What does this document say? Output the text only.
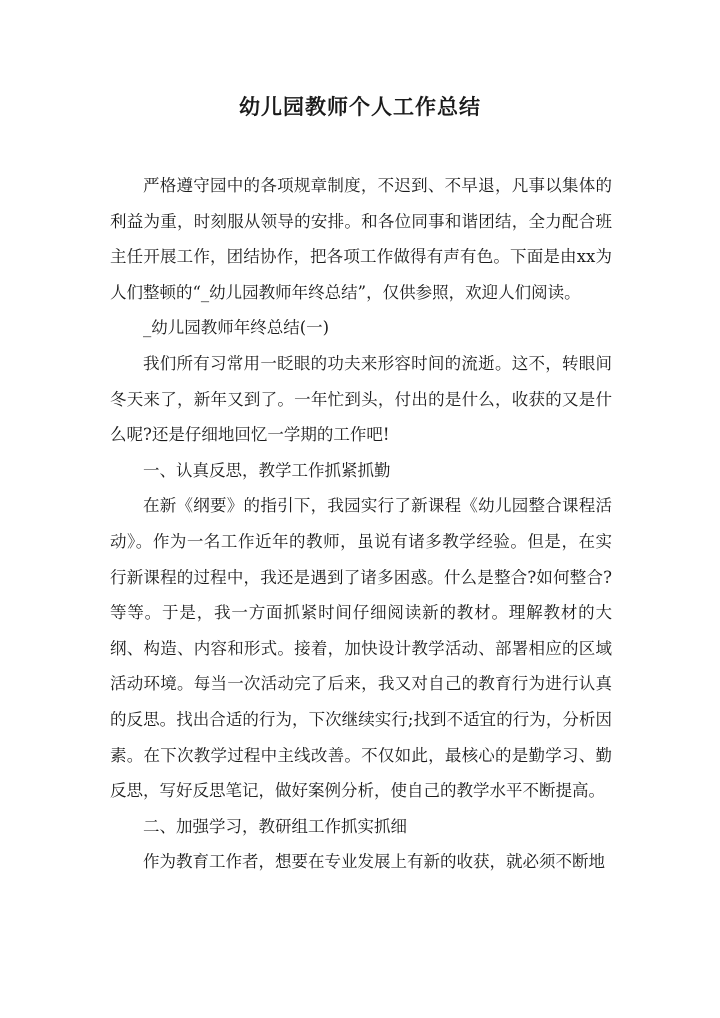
幼儿园教师个人工作总结

严格遵守园中的各项规章制度，不迟到、不早退，凡事以集体的利益为重，时刻服从领导的安排。和各位同事和谐团结，全力配合班主任开展工作，团结协作，把各项工作做得有声有色。下面是由xx为人们整顿的“_幼儿园教师年终总结”，仅供参照，欢迎人们阅读。

_幼儿园教师年终总结(一)

我们所有习常用一眨眼的功夫来形容时间的流逝。这不，转眼间冬天来了，新年又到了。一年忙到头，付出的是什么，收获的又是什么呢?还是仔细地回忆一学期的工作吧!

一、认真反思，教学工作抓紧抓勤

在新《纲要》的指引下，我园实行了新课程《幼儿园整合课程活动》。作为一名工作近年的教师，虽说有诸多教学经验。但是，在实行新课程的过程中，我还是遇到了诸多困惑。什么是整合?如何整合?等等。于是，我一方面抓紧时间仔细阅读新的教材。理解教材的大纲、构造、内容和形式。接着，加快设计教学活动、部署相应的区域活动环境。每当一次活动完了后来，我又对自己的教育行为进行认真的反思。找出合适的行为，下次继续实行;找到不适宜的行为，分析因素。在下次教学过程中主线改善。不仅如此，最核心的是勤学习、勤反思，写好反思笔记，做好案例分析，使自己的教学水平不断提高。

二、加强学习，教研组工作抓实抓细

作为教育工作者，想要在专业发展上有新的收获，就必须不断地
